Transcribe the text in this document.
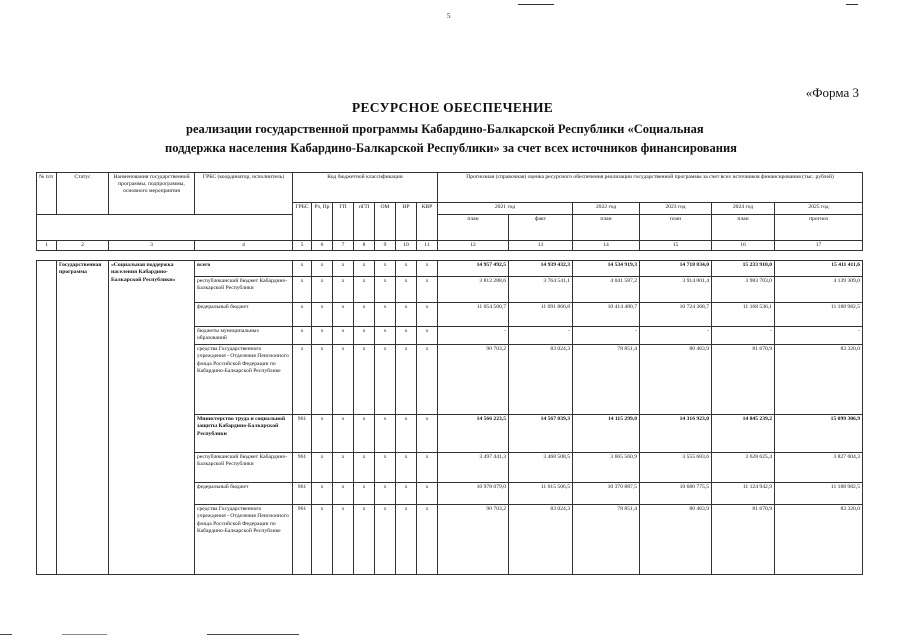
5
«Форма 3
РЕСУРСНОЕ ОБЕСПЕЧЕНИЕ
реализации государственной программы Кабардино-Балкарской Республики «Социальная
поддержка населения Кабардино-Балкарской Республики» за счет всех источников финансирования
№ п/п	Статус	Наименования государственной программы, подпрограммы, основного мероприятия	ГРБС (координатор, исполнитель)	Код бюджетной классификации							Прогнозная (справочная) оценка ресурсного обеспечения реализации государственной программы за счет всех источников финансирования (тыс. рублей)					
				ГРБС	Рз, Пр	ГП	пГП	ОМ	НР	КВР	2021 год		2022 год	2023 год	2024 год	2025 год
											план	факт	план	план	план	прогноз
1	2	3	4	5	6	7	8	9	10	11	12	13	14	15	16	17

	Государственная программа	«Социальная поддержка населения Кабардино-Балкарской Республики»	всего	x	x	x	x	x	x	x	14 957 492,5	14 939 432,3	14 534 919,3	14 718 834,0	15 233 910,0	15 411 411,6
			республиканский бюджет Кабардино-Балкарской Республики	x	x	x	x	x	x	x	3 812 288,6	3 764 541,1	4 041 587,2	3 914 001,4	3 983 703,0	4 139 309,0
			федеральный бюджет	x	x	x	x	x	x	x	11 054 500,7	11 091 866,8	10 414 480,7	10 724 368,7	11 168 536,1	11 188 982,5
			бюджеты муниципальных образований	x	x	x	x	x	x	x	-	-	-	-	-	-
			средства Государственного учреждения - Отделения Пенсионного фонда Российской Федерации по Кабардино-Балкарской Республике	x	x	x	x	x	x	x	90 703,2	83 024,3	78 851,4	80 463,9	81 670,9	83 320,0
			Министерство труда и социальной защиты Кабардино-Балкарской Республики	961	x	x	x	x	x	x	14 566 223,5	14 567 039,3	14 115 299,8	14 316 923,0	14 845 239,2	15 099 306,9
			республиканский бюджет Кабардино-Балкарской Республики	961	x	x	x	x	x	x	3 497 441,3	3 468 508,5	3 665 560,9	3 555 683,6	3 628 625,4	3 827 004,3
			федеральный бюджет	961	x	x	x	x	x	x	10 978 079,0	11 015 506,5	10 370 887,5	10 680 775,5	11 124 942,9	11 188 982,5
			средства Государственного учреждения - Отделения Пенсионного фонда Российской Федерации по Кабардино-Балкарской Республике	961	x	x	x	x	x	x	90 703,2	83 024,3	78 851,4	80 463,9	81 670,9	83 320,0
